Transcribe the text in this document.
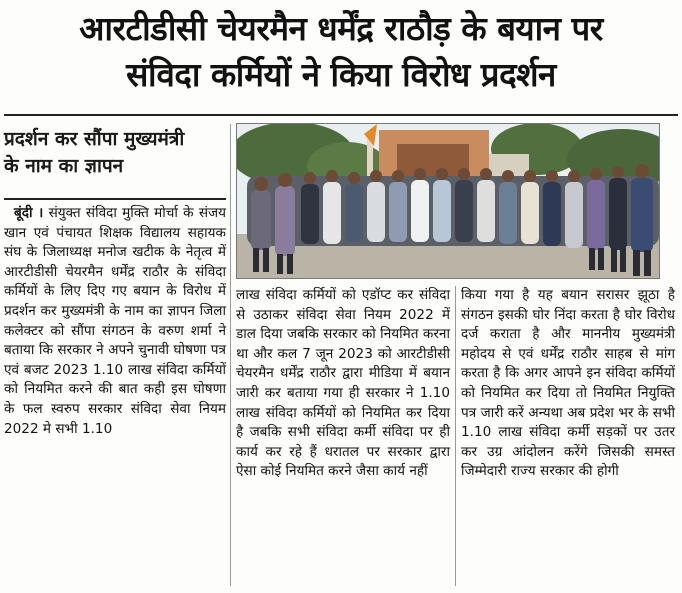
आरटीडीसी चेयरमैन धर्मेंद्र राठौड़ के बयान पर
संविदा कर्मियों ने किया विरोध प्रदर्शन
प्रदर्शन कर सौंपा मुख्यमंत्री
के नाम का ज्ञापन

बूंदी । संयुक्त संविदा मुक्ति मोर्चा के संजय खान एवं पंचायत शिक्षक विद्यालय सहायक संघ के जिलाध्यक्ष मनोज खटीक के नेतृत्व में आरटीडीसी चेयरमैन धर्मेंद्र राठौर के संविदा कर्मियों के लिए दिए गए बयान के विरोध में प्रदर्शन कर मुख्यमंत्री के नाम का ज्ञापन जिला कलेक्टर को सौंपा संगठन के वरुण शर्मा ने बताया कि सरकार ने अपने चुनावी घोषणा पत्र एवं बजट 2023 1.10 लाख संविदा कर्मियों को नियमित करने की बात कही इस घोषणा के फल स्वरुप सरकार संविदा सेवा नियम 2022 मे सभी 1.10

लाख संविदा कर्मियों को एडॉप्ट कर संविदा से उठाकर संविदा सेवा नियम 2022 में डाल दिया जबकि सरकार को नियमित करना था और कल 7 जून 2023 को आरटीडीसी चेयरमैन धर्मेंद्र राठौर द्वारा मीडिया में बयान जारी कर बताया गया ही सरकार ने 1.10 लाख संविदा कर्मियों को नियमित कर दिया है जबकि सभी संविदा कर्मी संविदा पर ही कार्य कर रहे हैं धरातल पर सरकार द्वारा ऐसा कोई नियमित करने जैसा कार्य नहीं

किया गया है यह बयान सरासर झूठा है संगठन इसकी घोर निंदा करता है घोर विरोध दर्ज कराता है और माननीय मुख्यमंत्री महोदय से एवं धर्मेंद्र राठौर साहब से मांग करता है कि अगर आपने इन संविदा कर्मियों को नियमित कर दिया तो नियमित नियुक्ति पत्र जारी करें अन्यथा अब प्रदेश भर के सभी 1.10 लाख संविदा कर्मी सड़कों पर उतर कर उग्र आंदोलन करेंगे जिसकी समस्त जिम्मेदारी राज्य सरकार की होगी
